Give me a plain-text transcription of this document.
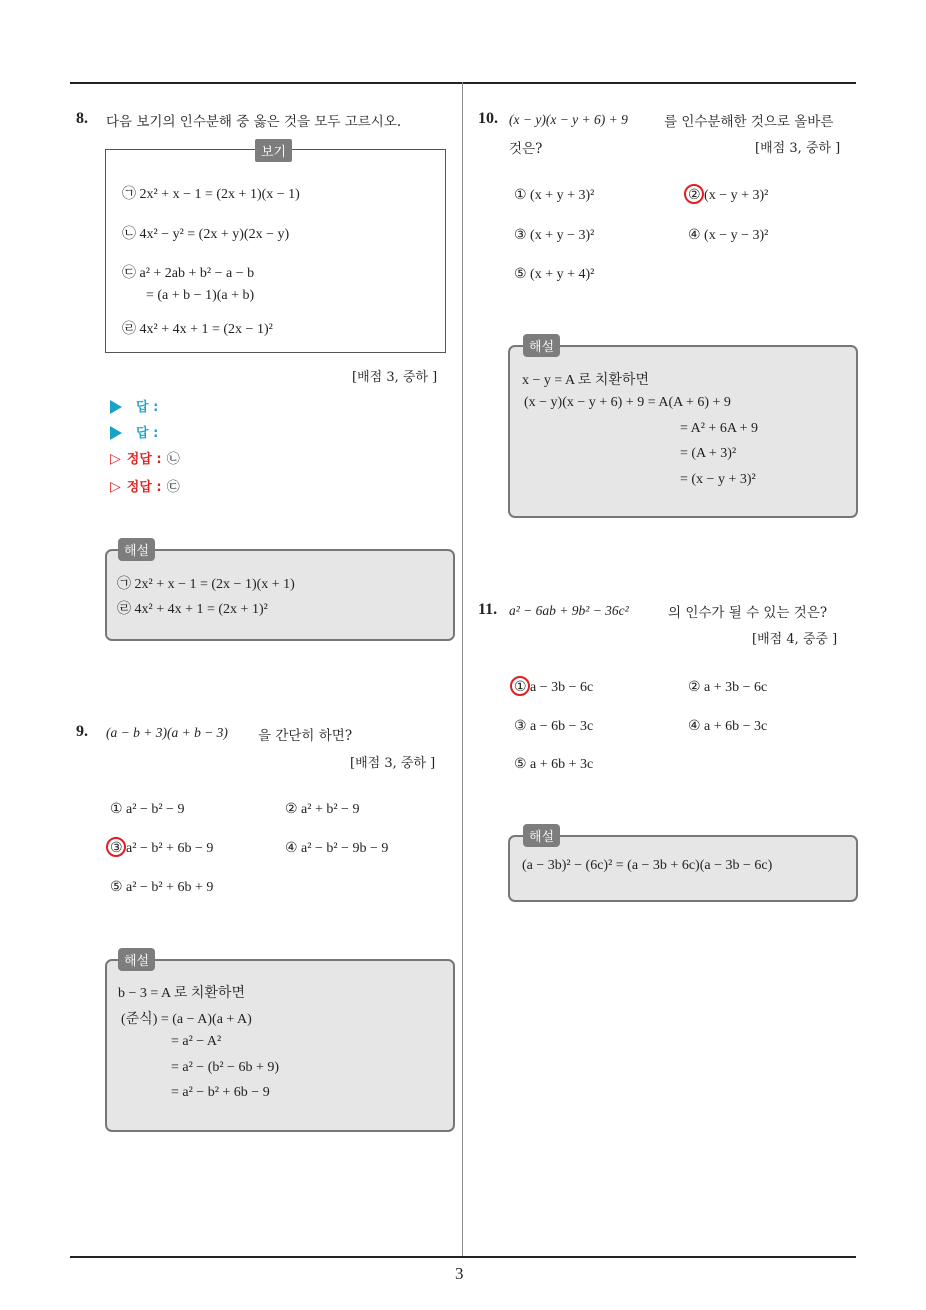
3
8. 다음 보기의 인수분해 중 옳은 것을 모두 고르시오.
보기
㉠ 2x² + x − 1 = (2x + 1)(x − 1)
㉡ 4x² − y² = (2x + y)(2x − y)
㉢ a² + 2ab + b² − a − b
= (a + b − 1)(a + b)
㉣ 4x² + 4x + 1 = (2x − 1)²
[배점 3, 중하 ]
답 :
답 :
▷ 정답 : ㉡
▷ 정답 : ㉢
해설
㉠ 2x² + x − 1 = (2x − 1)(x + 1)
㉣ 4x² + 4x + 1 = (2x + 1)²
9. (a − b + 3)(a + b − 3) 을 간단히 하면?
[배점 3, 중하 ]
① a² − b² − 9	② a² + b² − 9
③ a² − b² + 6b − 9	④ a² − b² − 9b − 9
⑤ a² − b² + 6b + 9
해설
b − 3 = A 로 치환하면
(준식) = (a − A)(a + A)
= a² − A²
= a² − (b² − 6b + 9)
= a² − b² + 6b − 9
10. (x − y)(x − y + 6) + 9	를 인수분해한 것으로 올바른
것은?	[배점 3, 중하 ]
① (x + y + 3)²	② (x − y + 3)²
③ (x + y − 3)²	④ (x − y − 3)²
⑤ (x + y + 4)²
해설
x − y = A 로 치환하면
(x − y)(x − y + 6) + 9 = A(A + 6) + 9
= A² + 6A + 9
= (A + 3)²
= (x − y + 3)²
11. a² − 6ab + 9b² − 36c²	의 인수가 될 수 있는 것은?
[배점 4, 중중 ]
① a − 3b − 6c	② a + 3b − 6c
③ a − 6b − 3c	④ a + 6b − 3c
⑤ a + 6b + 3c
해설
(a − 3b)² − (6c)² = (a − 3b + 6c)(a − 3b − 6c)
